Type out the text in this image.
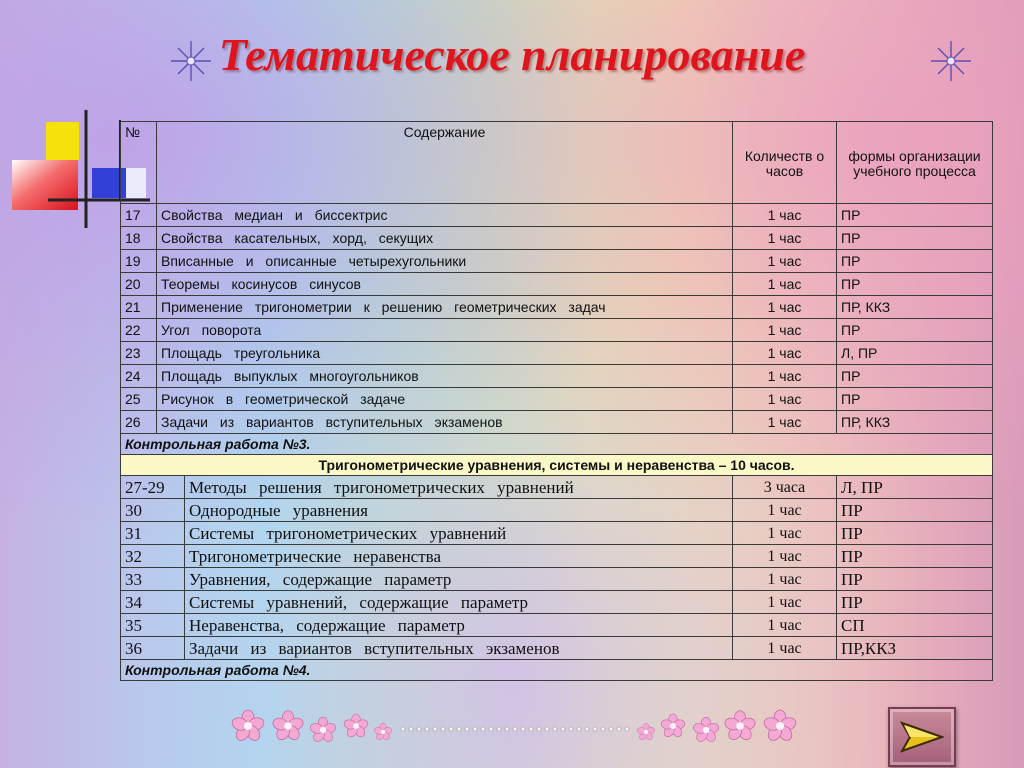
Тематическое планирование
№	Содержание		Количеств о часов	формы организации учебного процесса
17	Свойства медиан и биссектрис		1 час	ПР
18	Свойства касательных, хорд, секущих		1 час	ПР
19	Вписанные и описанные четырехугольники		1 час	ПР
20	Теоремы косинусов синусов		1 час	ПР
21	Применение тригонометрии к решению геометрических задач		1 час	ПР, ККЗ
22	Угол поворота		1 час	ПР
23	Площадь треугольника		1 час	Л, ПР
24	Площадь выпуклых многоугольников		1 час	ПР
25	Рисунок в геометрической задаче		1 час	ПР
26	Задачи из вариантов вступительных экзаменов		1 час	ПР, ККЗ
Контрольная работа №3.				
Тригонометрические уравнения, системы и неравенства – 10 часов.				
27-29		Методы решения тригонометрических уравнений	3 часа	Л, ПР
30		Однородные уравнения	1 час	ПР
31		Системы тригонометрических уравнений	1 час	ПР
32		Тригонометрические неравенства	1 час	ПР
33		Уравнения, содержащие параметр	1 час	ПР
34		Системы уравнений, содержащие параметр	1 час	ПР
35		Неравенства, содержащие параметр	1 час	СП
36		Задачи из вариантов вступительных экзаменов	1 час	ПР,ККЗ
Контрольная работа №4.				
